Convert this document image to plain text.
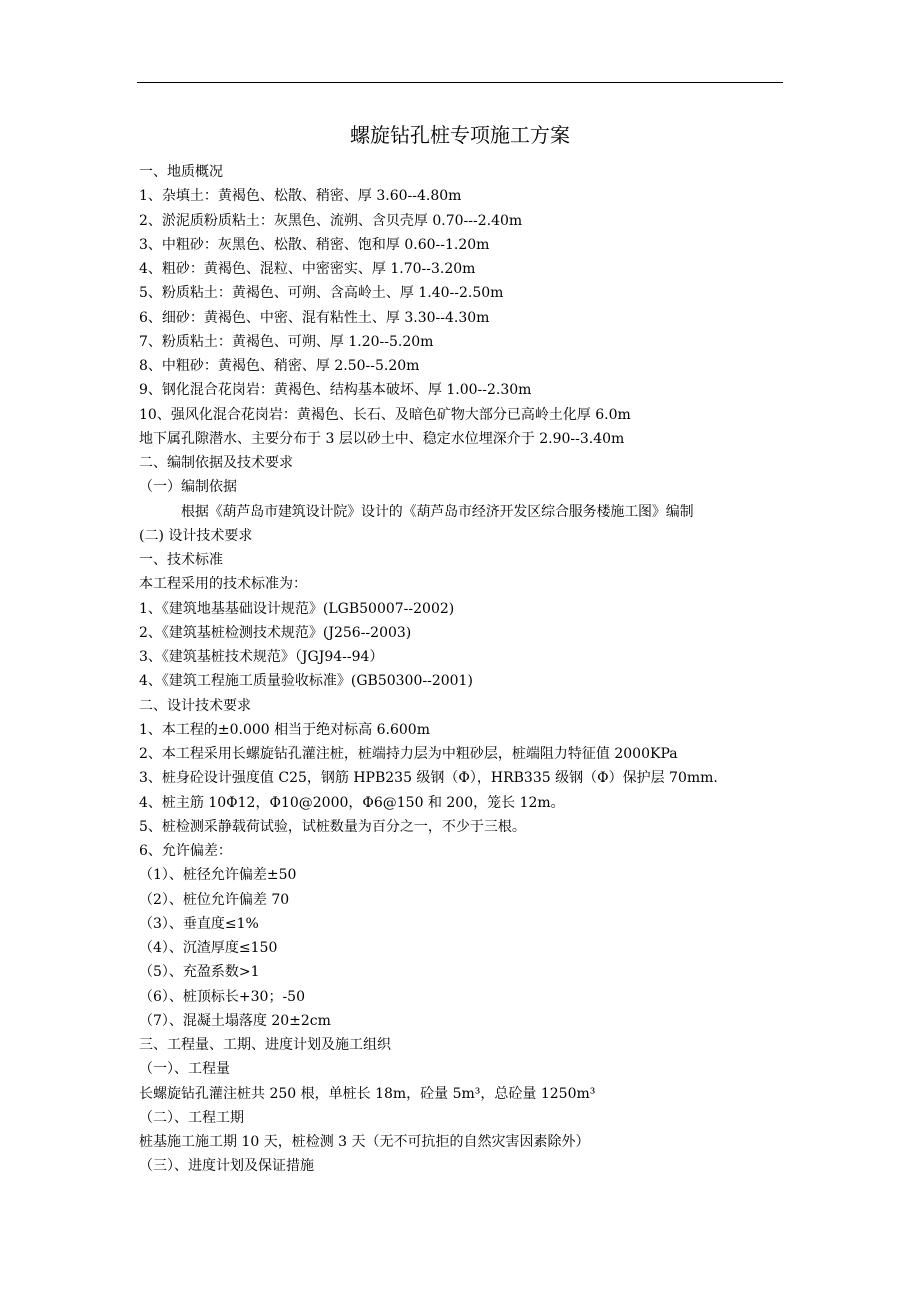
螺旋钻孔桩专项施工方案
一、地质概况
1、杂填土：黄褐色、松散、稍密、厚 3.60--4.80m
2、淤泥质粉质粘土：灰黑色、流朔、含贝壳厚 0.70---2.40m
3、中粗砂：灰黑色、松散、稍密、饱和厚 0.60--1.20m
4、粗砂：黄褐色、混粒、中密密实、厚 1.70--3.20m
5、粉质粘土：黄褐色、可朔、含高岭土、厚 1.40--2.50m
6、细砂：黄褐色、中密、混有粘性土、厚 3.30--4.30m
7、粉质粘土：黄褐色、可朔、厚 1.20--5.20m
8、中粗砂：黄褐色、稍密、厚 2.50--5.20m
9、钢化混合花岗岩：黄褐色、结构基本破坏、厚 1.00--2.30m
10、强风化混合花岗岩：黄褐色、长石、及暗色矿物大部分已高岭土化厚 6.0m
地下属孔隙潜水、主要分布于 3 层以砂土中、稳定水位埋深介于 2.90--3.40m
二、编制依据及技术要求
（一）编制依据
根据《葫芦岛市建筑设计院》设计的《葫芦岛市经济开发区综合服务楼施工图》编制
(二) 设计技术要求
一、技术标准
本工程采用的技术标准为：
1、《建筑地基基础设计规范》(LGB50007--2002)
2、《建筑基桩检测技术规范》(J256--2003)
3、《建筑基桩技术规范》（JGJ94--94）
4、《建筑工程施工质量验收标准》(GB50300--2001)
二、设计技术要求
1、本工程的±0.000 相当于绝对标高 6.600m
2、本工程采用长螺旋钻孔灌注桩，桩端持力层为中粗砂层，桩端阻力特征值 2000KPa
3、桩身砼设计强度值 C25，钢筋 HPB235 级钢（Φ），HRB335 级钢（Φ）保护层 70mm.
4、桩主筋 10Φ12，Φ10@2000，Φ6@150 和 200，笼长 12m。
5、桩检测采静载荷试验，试桩数量为百分之一，不少于三根。
6、允许偏差：
（1）、桩径允许偏差±50
（2）、桩位允许偏差 70
（3）、垂直度≤1%
（4）、沉渣厚度≤150
（5）、充盈系数>1
（6）、桩顶标长+30；-50
（7）、混凝土塌落度 20±2cm
三、工程量、工期、进度计划及施工组织
（一）、工程量
长螺旋钻孔灌注桩共 250 根，单桩长 18m，砼量 5m³，总砼量 1250m³
（二）、工程工期
桩基施工施工期 10 天，桩检测 3 天（无不可抗拒的自然灾害因素除外）
（三）、进度计划及保证措施
